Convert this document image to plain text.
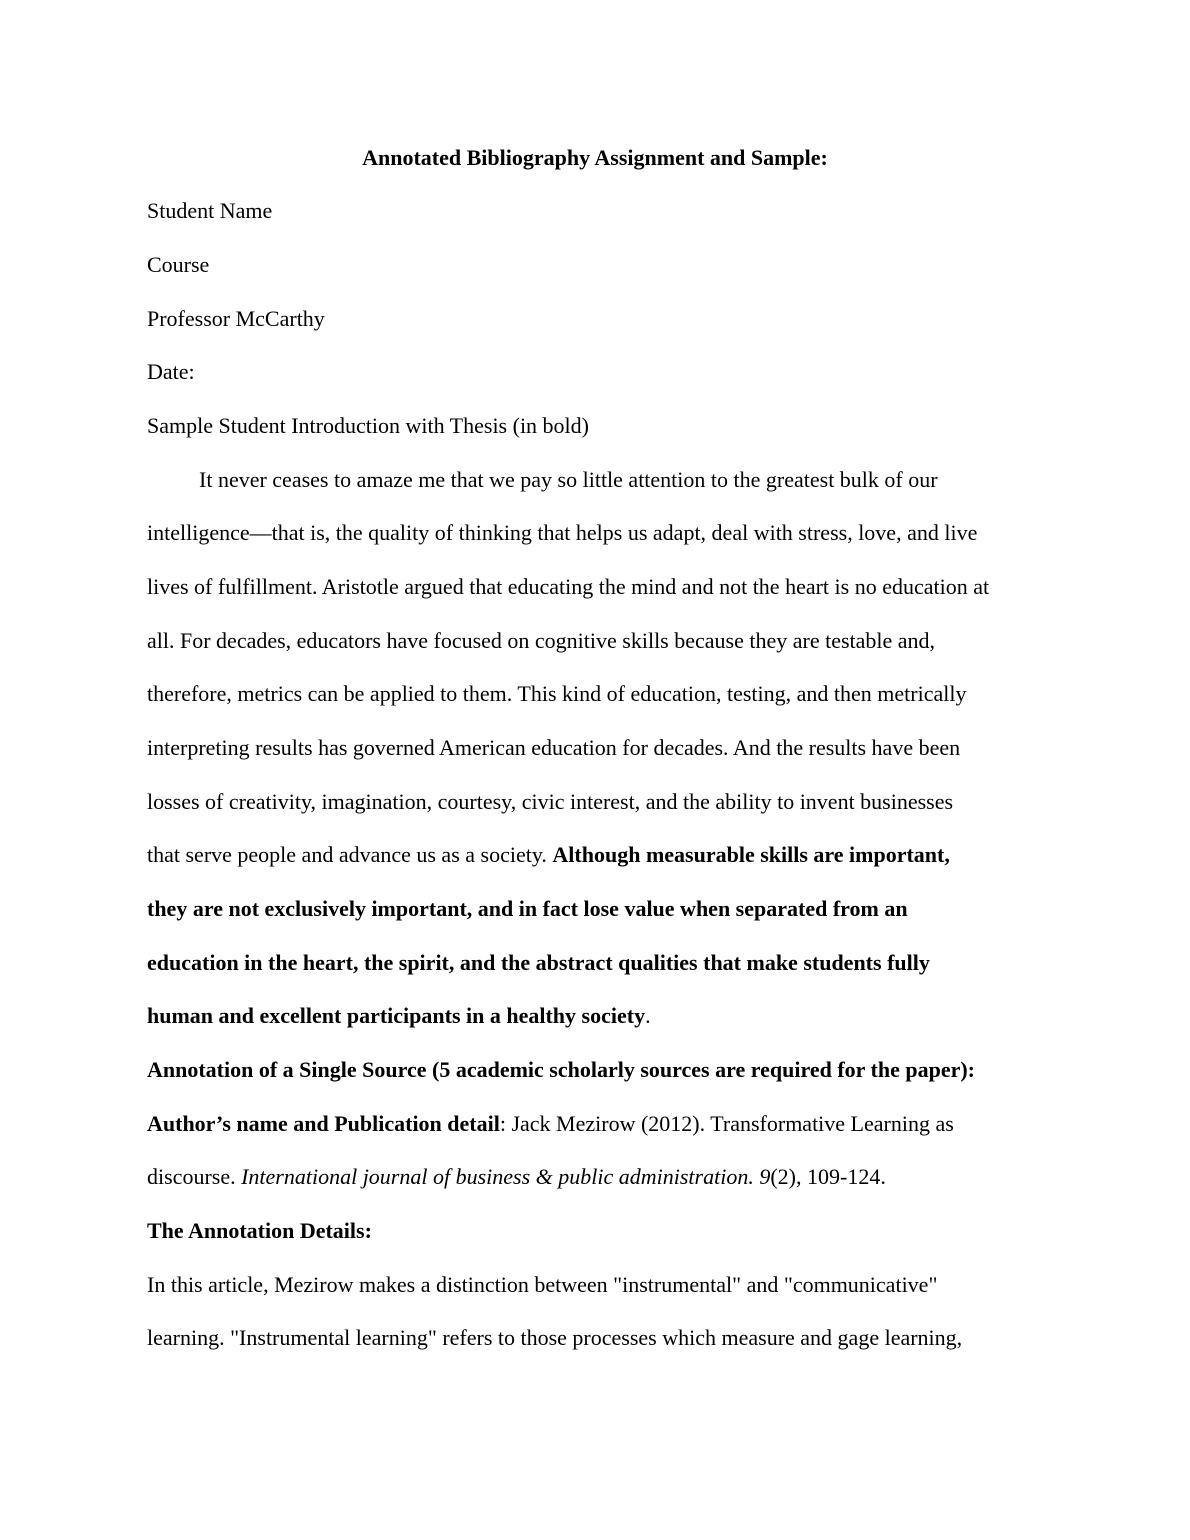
Annotated Bibliography Assignment and Sample:
Student Name
Course
Professor McCarthy
Date:
Sample Student Introduction with Thesis (in bold)
It never ceases to amaze me that we pay so little attention to the greatest bulk of our
intelligence—that is, the quality of thinking that helps us adapt, deal with stress, love, and live
lives of fulfillment. Aristotle argued that educating the mind and not the heart is no education at
all. For decades, educators have focused on cognitive skills because they are testable and,
therefore, metrics can be applied to them. This kind of education, testing, and then metrically
interpreting results has governed American education for decades. And the results have been
losses of creativity, imagination, courtesy, civic interest, and the ability to invent businesses
that serve people and advance us as a society. Although measurable skills are important,
they are not exclusively important, and in fact lose value when separated from an
education in the heart, the spirit, and the abstract qualities that make students fully
human and excellent participants in a healthy society.
Annotation of a Single Source (5 academic scholarly sources are required for the paper):
Author’s name and Publication detail: Jack Mezirow (2012). Transformative Learning as
discourse. International journal of business & public administration. 9(2), 109-124.
The Annotation Details:
In this article, Mezirow makes a distinction between "instrumental" and "communicative"
learning. "Instrumental learning" refers to those processes which measure and gage learning,
